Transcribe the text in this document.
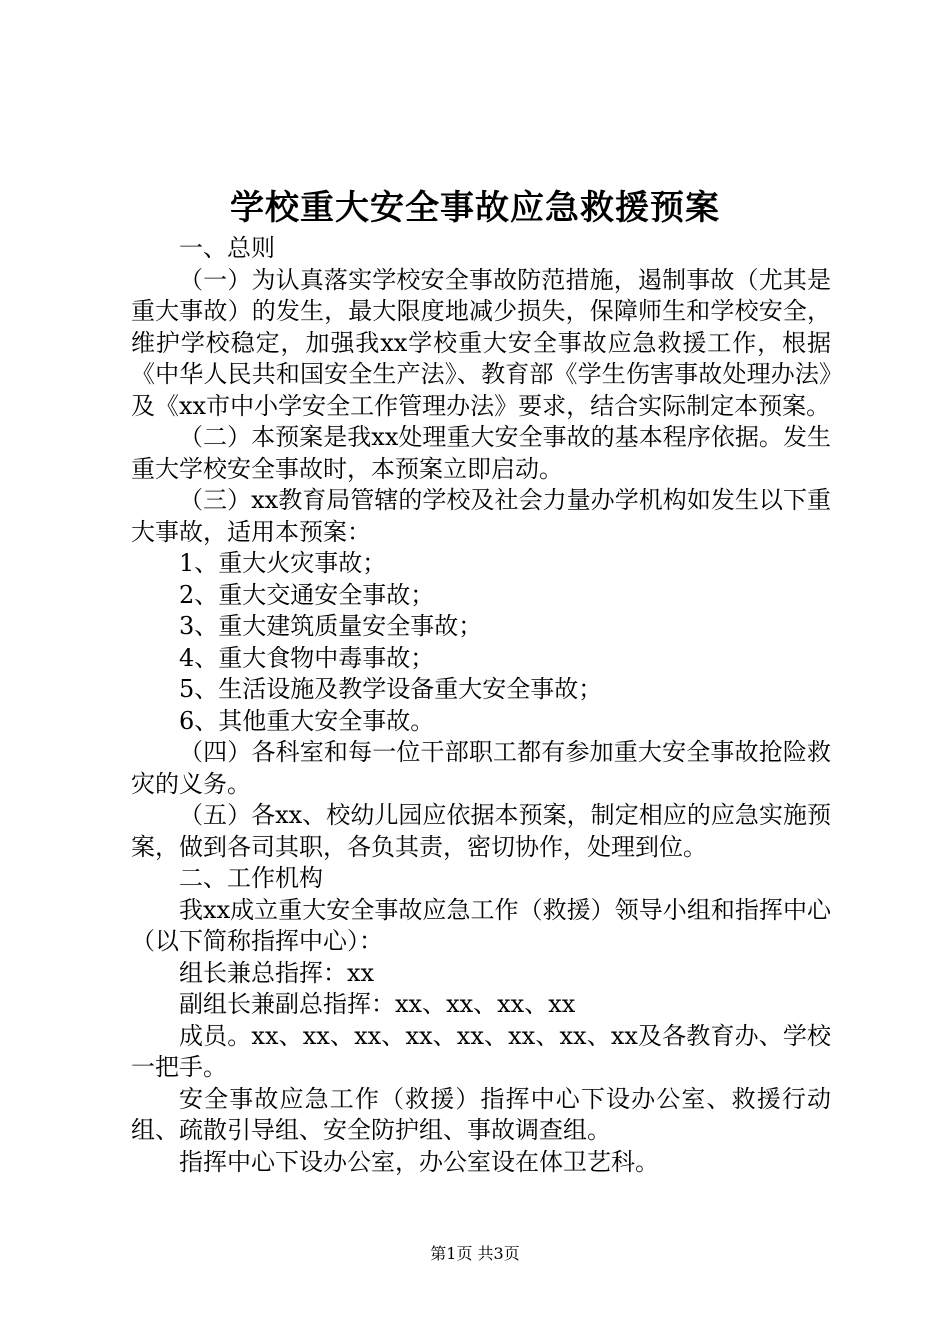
学校重大安全事故应急救援预案

一、总则

（一）为认真落实学校安全事故防范措施，遏制事故（尤其是重大事故）的发生，最大限度地减少损失，保障师生和学校安全，维护学校稳定，加强我xx学校重大安全事故应急救援工作，根据《中华人民共和国安全生产法》、教育部《学生伤害事故处理办法》及《xx市中小学安全工作管理办法》要求，结合实际制定本预案。

（二）本预案是我xx处理重大安全事故的基本程序依据。发生重大学校安全事故时，本预案立即启动。

（三）xx教育局管辖的学校及社会力量办学机构如发生以下重大事故，适用本预案：

1、重大火灾事故；

2、重大交通安全事故；

3、重大建筑质量安全事故；

4、重大食物中毒事故；

5、生活设施及教学设备重大安全事故；

6、其他重大安全事故。

（四）各科室和每一位干部职工都有参加重大安全事故抢险救灾的义务。

（五）各xx、校幼儿园应依据本预案，制定相应的应急实施预案，做到各司其职，各负其责，密切协作，处理到位。

二、工作机构

我xx成立重大安全事故应急工作（救援）领导小组和指挥中心（以下简称指挥中心）：

组长兼总指挥：xx

副组长兼副总指挥：xx、xx、xx、xx

成员。xx、xx、xx、xx、xx、xx、xx、xx及各教育办、学校一把手。

安全事故应急工作（救援）指挥中心下设办公室、救援行动组、疏散引导组、安全防护组、事故调查组。

指挥中心下设办公室，办公室设在体卫艺科。

第1页 共3页
